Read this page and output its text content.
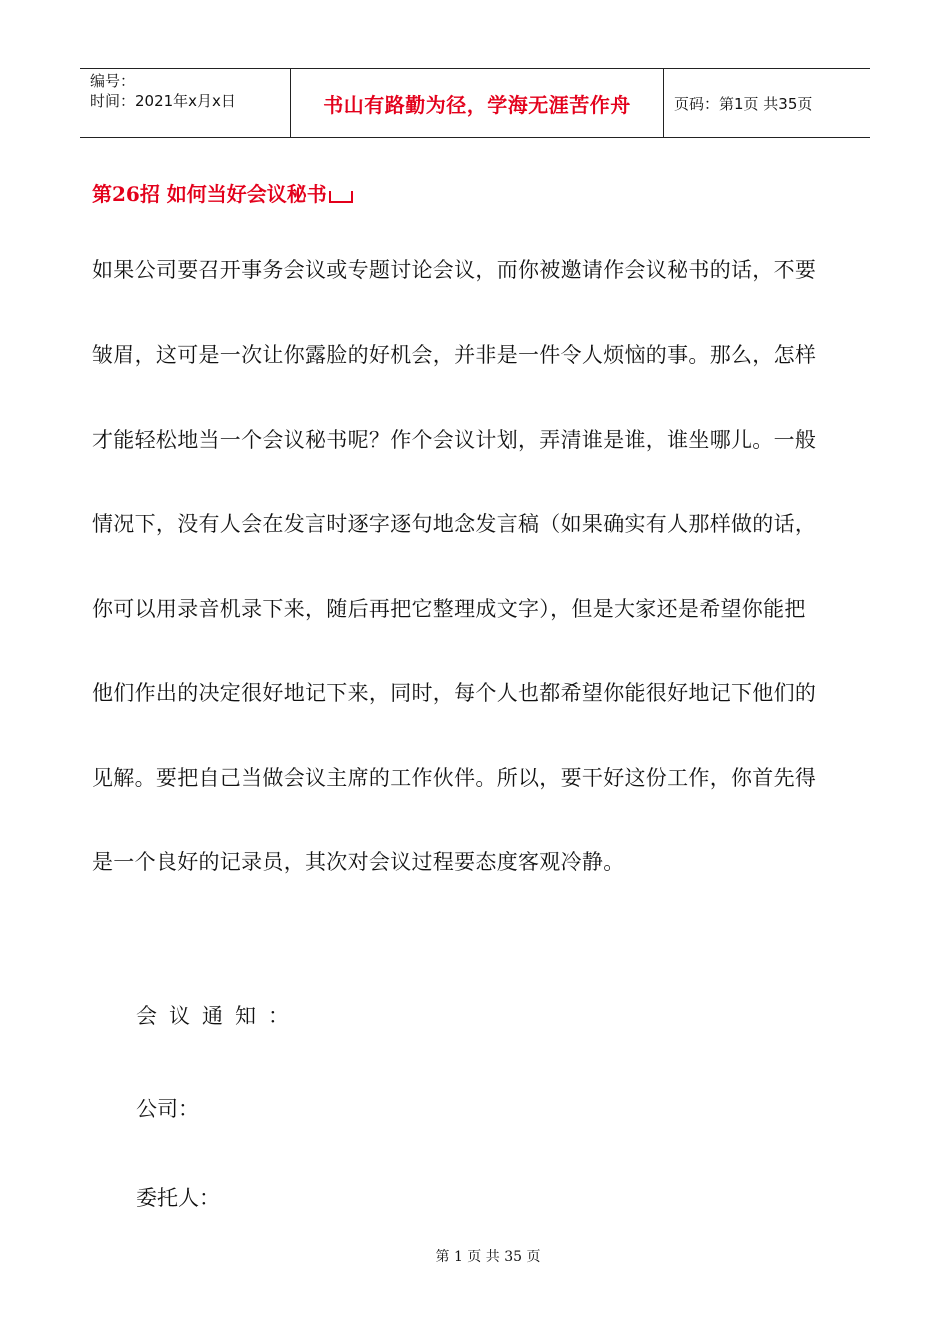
编号：
时间：2021年x月x日	书山有路勤为径，学海无涯苦作舟	页码：第1页 共35页
第26招 如何当好会议秘书
如果公司要召开事务会议或专题讨论会议，而你被邀请作会议秘书的话，不要
皱眉，这可是一次让你露脸的好机会，并非是一件令人烦恼的事。那么，怎样
才能轻松地当一个会议秘书呢？作个会议计划，弄清谁是谁，谁坐哪儿。一般
情况下，没有人会在发言时逐字逐句地念发言稿（如果确实有人那样做的话，
你可以用录音机录下来，随后再把它整理成文字），但是大家还是希望你能把
他们作出的决定很好地记下来，同时，每个人也都希望你能很好地记下他们的
见解。要把自己当做会议主席的工作伙伴。所以，要干好这份工作，你首先得
是一个良好的记录员，其次对会议过程要态度客观冷静。
会议通知：
公司：
委托人：
第 1 页 共 35 页
